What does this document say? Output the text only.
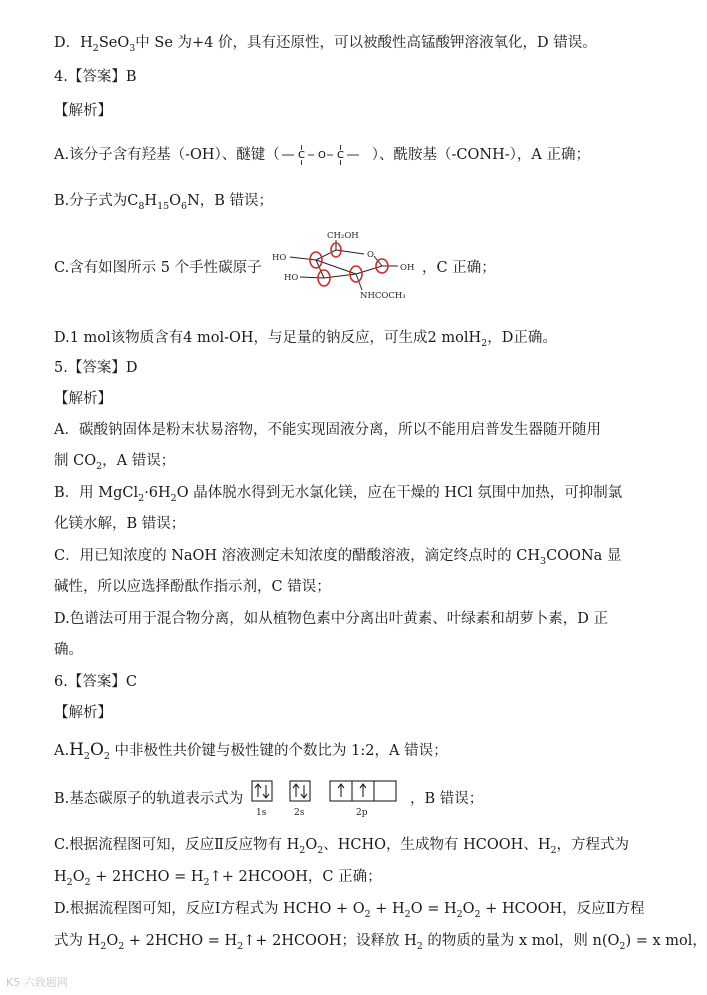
D．$H_2SeO_3$中 Se 为+4 价，具有还原性，可以被酸性高锰酸钾溶液氧化，D 错误。
4.【答案】B
【解析】
A.该分子含有羟基（-OH）、醚键（ C O C ）、酰胺基（-CONH-），A 正确；
B.分子式为$C_8H_{15}O_6N$，B 错误；
C.含有如图所示 5 个手性碳原子	，C 正确；
CH₂OH
O
HO
HO
OH
NHCOCH₃
D.1 mol该物质含有4 mol-OH，与足量的钠反应，可生成2 molH$_2$，D正确。
5.【答案】D
【解析】
A．碳酸钠固体是粉末状易溶物，不能实现固液分离，所以不能用启普发生器随开随用
制 $CO_2$，A 错误；
B．用 $MgCl_2\cdot 6H_2O$ 晶体脱水得到无水氯化镁，应在干燥的 HCl 氛围中加热，可抑制氯
化镁水解，B 错误；
C．用已知浓度的 NaOH 溶液测定未知浓度的醋酸溶液，滴定终点时的 $CH_3COONa$ 显
碱性，所以应选择酚酞作指示剂，C 错误；
D.色谱法可用于混合物分离，如从植物色素中分离出叶黄素、叶绿素和胡萝卜素，D 正
确。
6.【答案】C
【解析】
$A.H_2O_2$ 中非极性共价键与极性键的个数比为 1:2，A 错误；
B.基态碳原子的轨道表示式为
1s	2s	2p
，B 错误；
C.根据流程图可知，反应Ⅱ反应物有 $H_2O_2$、HCHO，生成物有 HCOOH、$H_2$，方程式为
$H_2O_2$ + 2HCHO = $H_2↑+$ 2HCOOH，C 正确；
D.根据流程图可知，反应Ⅰ方程式为 HCHO + $O_2 + H_2O = H_2O_2$ + HCOOH，反应Ⅱ方程
式为 $H_2O_2$ + 2HCHO = $H_2↑+$ 2HCOOH；设释放 $H_2$ 的物质的量为 x mol，则 $n(O_2) = x$ mol，
K5 六致题网
